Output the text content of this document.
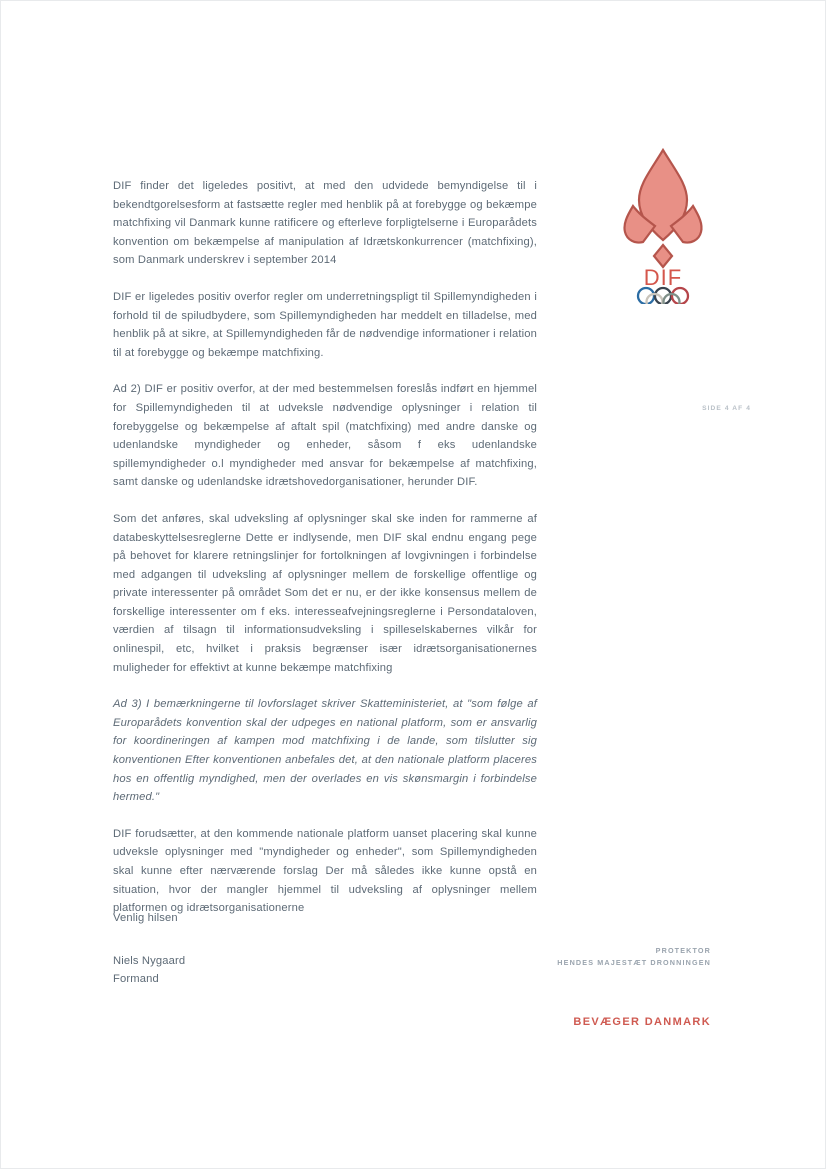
DIF
SIDE 4 AF 4

DIF finder det ligeledes positivt, at med den udvidede bemyndigelse til i bekendtgorelsesform at fastsætte regler med henblik på at forebygge og bekæmpe matchfixing vil Danmark kunne ratificere og efterleve forpligtelserne i Europarådets konvention om bekæmpelse af manipulation af Idrætskonkurrencer (matchfixing), som Danmark underskrev i september 2014

DIF er ligeledes positiv overfor regler om underretningspligt til Spillemyndigheden i forhold til de spiludbydere, som Spillemyndigheden har meddelt en tilladelse, med henblik på at sikre, at Spillemyndigheden får de nødvendige informationer i relation til at forebygge og bekæmpe matchfixing.

Ad 2) DIF er positiv overfor, at der med bestemmelsen foreslås indført en hjemmel for Spillemyndigheden til at udveksle nødvendige oplysninger i relation til forebyggelse og bekæmpelse af aftalt spil (matchfixing) med andre danske og udenlandske myndigheder og enheder, såsom f eks udenlandske spillemyndigheder o.l myndigheder med ansvar for bekæmpelse af matchfixing, samt danske og udenlandske idrætshovedorganisationer, herunder DIF.

Som det anføres, skal udveksling af oplysninger skal ske inden for rammerne af databeskyttelsesreglerne Dette er indlysende, men DIF skal endnu engang pege på behovet for klarere retningslinjer for fortolkningen af lovgivningen i forbindelse med adgangen til udveksling af oplysninger mellem de forskellige offentlige og private interessenter på området Som det er nu, er der ikke konsensus mellem de forskellige interessenter om f eks. interesseafvejningsreglerne i Persondataloven, værdien af tilsagn til informationsudveksling i spilleselskabernes vilkår for onlinespil, etc, hvilket i praksis begrænser især idrætsorganisationernes muligheder for effektivt at kunne bekæmpe matchfixing

Ad 3) I bemærkningerne til lovforslaget skriver Skatteministeriet, at "som følge af Europarådets konvention skal der udpeges en national platform, som er ansvarlig for koordineringen af kampen mod matchfixing i de lande, som tilslutter sig konventionen Efter konventionen anbefales det, at den nationale platform placeres hos en offentlig myndighed, men der overlades en vis skønsmargin i forbindelse hermed."

DIF forudsætter, at den kommende nationale platform uanset placering skal kunne udveksle oplysninger med "myndigheder og enheder", som Spillemyndigheden skal kunne efter nærværende forslag Der må således ikke kunne opstå en situation, hvor der mangler hjemmel til udveksling af oplysninger mellem platformen og idrætsorganisationerne

Venlig hilsen
Niels Nygaard
Formand
PROTEKTOR
HENDES MAJESTÆT DRONNINGEN
BEVÆGER DANMARK
